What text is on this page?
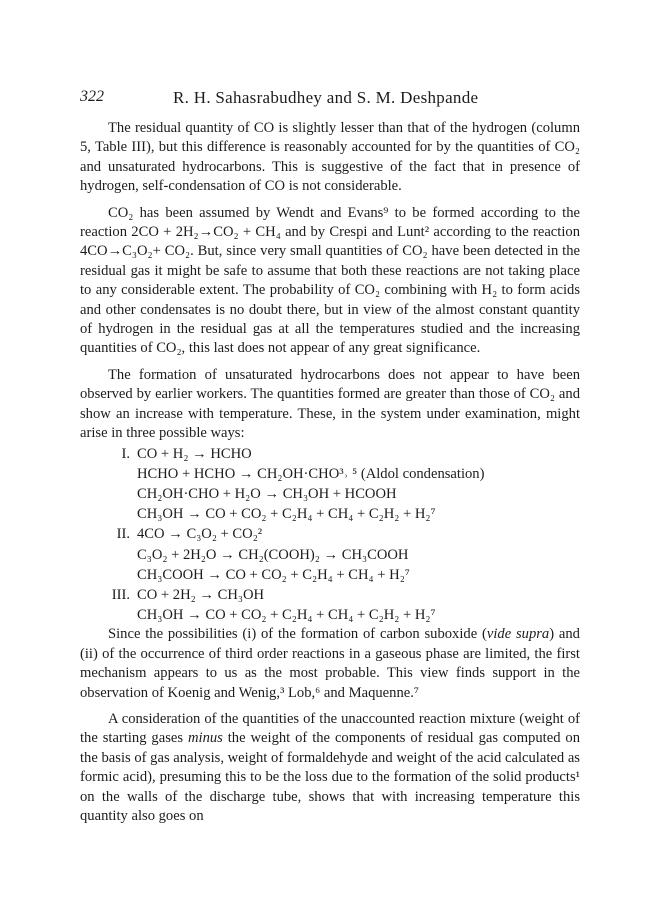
322	R. H. Sahasrabudhey and S. M. Deshpande

The residual quantity of CO is slightly lesser than that of the hydrogen (column 5, Table III), but this difference is reasonably accounted for by the quantities of CO₂ and unsaturated hydrocarbons. This is suggestive of the fact that in presence of hydrogen, self-condensation of CO is not considerable.

CO₂ has been assumed by Wendt and Evans⁹ to be formed according to the reaction 2CO + 2H₂→CO₂ + CH₄ and by Crespi and Lunt² according to the reaction 4CO→C₃O₂+ CO₂. But, since very small quantities of CO₂ have been detected in the residual gas it might be safe to assume that both these reactions are not taking place to any considerable extent. The probability of CO₂ combining with H₂ to form acids and other condensates is no doubt there, but in view of the almost constant quantity of hydrogen in the residual gas at all the temperatures studied and the increasing quantities of CO₂, this last does not appear of any great significance.

The formation of unsaturated hydrocarbons does not appear to have been observed by earlier workers. The quantities formed are greater than those of CO₂ and show an increase with temperature. These, in the system under examination, might arise in three possible ways:

I. CO + H₂ → HCHO
HCHO + HCHO → CH₂OH·CHO³˒ ⁵ (Aldol condensation)
CH₂OH·CHO + H₂O → CH₃OH + HCOOH
CH₃OH → CO + CO₂ + C₂H₄ + CH₄ + C₂H₂ + H₂⁷
II. 4CO → C₃O₂ + CO₂²
C₃O₂ + 2H₂O → CH₂(COOH)₂ → CH₃COOH
CH₃COOH → CO + CO₂ + C₂H₄ + CH₄ + H₂⁷
III. CO + 2H₂ → CH₃OH
CH₃OH → CO + CO₂ + C₂H₄ + CH₄ + C₂H₂ + H₂⁷

Since the possibilities (i) of the formation of carbon suboxide (vide supra) and (ii) of the occurrence of third order reactions in a gaseous phase are limited, the first mechanism appears to us as the most probable. This view finds support in the observation of Koenig and Wenig,³ Lob,⁶ and Maquenne.⁷

A consideration of the quantities of the unaccounted reaction mixture (weight of the starting gases minus the weight of the components of residual gas computed on the basis of gas analysis, weight of formaldehyde and weight of the acid calculated as formic acid), presuming this to be the loss due to the formation of the solid products¹ on the walls of the discharge tube, shows that with increasing temperature this quantity also goes on
